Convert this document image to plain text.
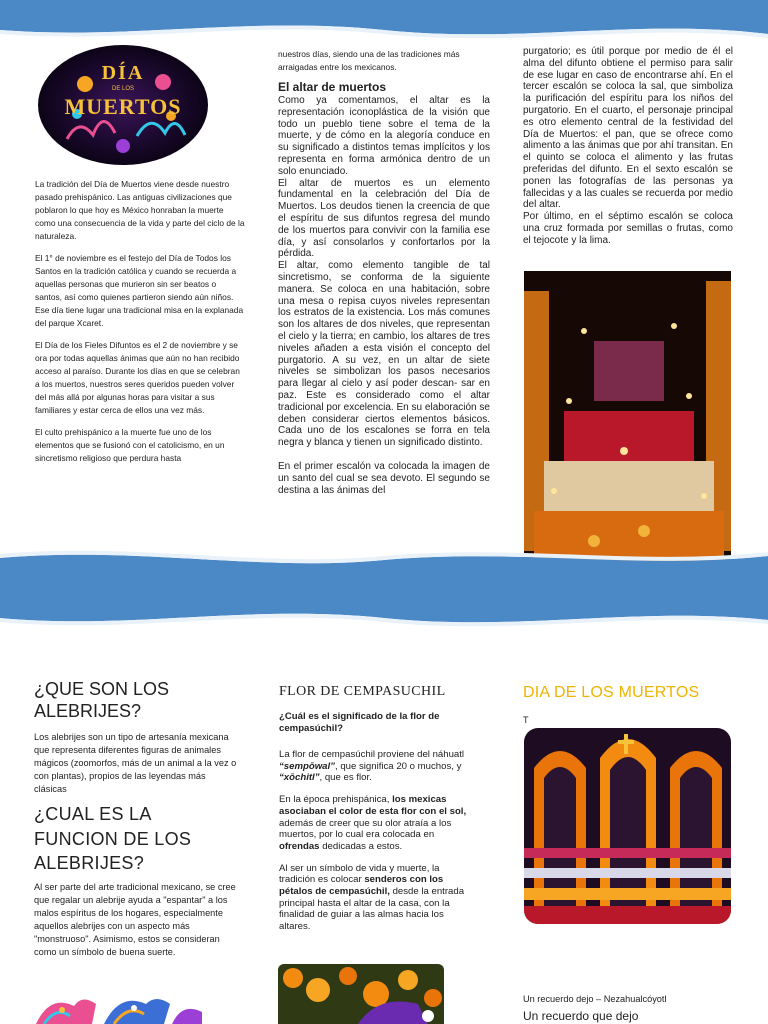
DÍA
DE LOS
MUERTOS

La tradición del Día de Muertos viene desde nuestro pasado prehispánico. Las antiguas civilizaciones que poblaron lo que hoy es México honraban la muerte como una consecuencia de la vida y parte del ciclo de la naturaleza.

El 1° de noviembre es el festejo del Día de Todos los Santos en la tradición católica y cuando se recuerda a aquellas personas que murieron sin ser beatos o santos, así como quienes partieron siendo aún niños. Ese día tiene lugar una tradicional misa en la explanada del parque Xcaret.

El Día de los Fieles Difuntos es el 2 de noviembre y se ora por todas aquellas ánimas que aún no han recibido acceso al paraíso. Durante los días en que se celebran a los muertos, nuestros seres queridos pueden volver del más allá por algunas horas para visitar a sus familiares y estar cerca de ellos una vez más.

El culto prehispánico a la muerte fue uno de los elementos que se fusionó con el catolicismo, en un sincretismo religioso que perdura hasta

nuestros días, siendo una de las tradiciones más arraigadas entre los mexicanos.
El altar de muertos

Como ya comentamos, el altar es la representación iconoplástica de la visión que todo un pueblo tiene sobre el tema de la muerte, y de cómo en la alegoría conduce en su significado a distintos temas implícitos y los representa en forma armónica dentro de un solo enunciado.

El altar de muertos es un elemento fundamental en la celebración del Día de Muertos. Los deudos tienen la creencia de que el espíritu de sus difuntos regresa del mundo de los muertos para convivir con la familia ese día, y así consolarlos y confortarlos por la pérdida.

El altar, como elemento tangible de tal sincretismo, se conforma de la siguiente manera. Se coloca en una habitación, sobre una mesa o repisa cuyos niveles representan los estratos de la existencia. Los más comunes son los altares de dos niveles, que representan el cielo y la tierra; en cambio, los altares de tres niveles añaden a esta visión el concepto del purgatorio. A su vez, en un altar de siete niveles se simbolizan los pasos necesarios para llegar al cielo y así poder descan- sar en paz. Este es considerado como el altar tradicional por excelencia. En su elaboración se deben considerar ciertos elementos básicos. Cada uno de los escalones se forra en tela negra y blanca y tienen un significado distinto.

En el primer escalón va colocada la imagen de un santo del cual se sea devoto. El segundo se destina a las ánimas del

purgatorio; es útil porque por medio de él el alma del difunto obtiene el permiso para salir de ese lugar en caso de encontrarse ahí. En el tercer escalón se coloca la sal, que simboliza la purificación del espíritu para los niños del purgatorio. En el cuarto, el personaje principal es otro elemento central de la festividad del Día de Muertos: el pan, que se ofrece como alimento a las ánimas que por ahí transitan. En el quinto se coloca el alimento y las frutas preferidas del difunto. En el sexto escalón se ponen las fotografías de las personas ya fallecidas y a las cuales se recuerda por medio del altar.

Por último, en el séptimo escalón se coloca una cruz formada por semillas o frutas, como el tejocote y la lima.

¿QUE SON LOS ALEBRIJES?
Los alebrijes son un tipo de artesanía mexicana que representa diferentes figuras de animales mágicos (zoomorfos, más de un animal a la vez o con plantas), propios de las leyendas más clásicas
¿CUAL ES LA FUNCION DE LOS ALEBRIJES?
Al ser parte del arte tradicional mexicano, se cree que regalar un alebrije ayuda a "espantar" a los malos espíritus de los hogares, especialmente aquellos alebrijes con un aspecto más "monstruoso". Asimismo, estos se consideran como un símbolo de buena suerte.
FLOR DE CEMPASUCHIL
¿Cuál es el significado de la flor de cempasúchil?

La flor de cempasúchil proviene del náhuatl “sempōwal”, que significa 20 o muchos, y “xōchitl”, que es flor.

En la época prehispánica, los mexicas asociaban el color de esta flor con el sol, además de creer que su olor atraía a los muertos, por lo cual era colocada en ofrendas dedicadas a estos.

Al ser un símbolo de vida y muerte, la tradición es colocar senderos con los pétalos de cempasúchil, desde la entrada principal hasta el altar de la casa, con la finalidad de guiar a las almas hacia los altares.

DIA DE LOS MUERTOS
T
Un recuerdo dejo – Nezahualcóyotl
Un recuerdo que dejo
